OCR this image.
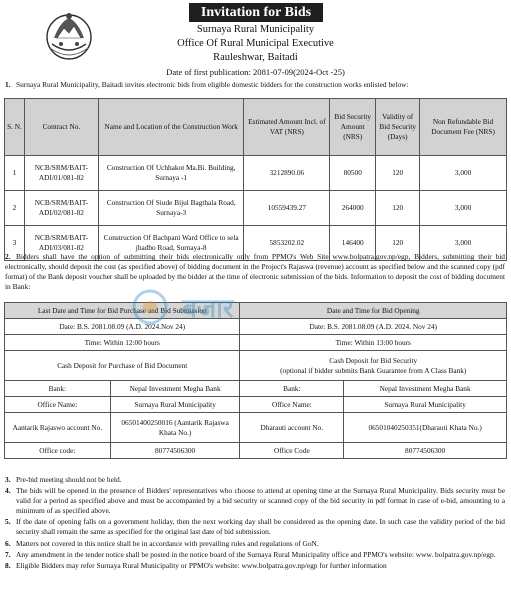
Invitation for Bids
Surnaya Rural Municipality
Office Of Rural Municipal Executive
Rauleshwar, Baitadi
Date of first publication: 2081-07-09(2024-Oct -25)
1. Surnaya Rural Municipality, Baitadi invites electronic bids from eligible domestic bidders for the construction works enlisted below:
S. N.	Contract No.	Name and Location of the Construction Work	Estimated Amount Incl. of VAT (NRS)	Bid Security Amount (NRS)	Validity of Bid Security (Days)	Non Refundable Bid Document Fee (NRS)
1	NCB/SRM/BAIT-ADI/01/081-82	Construction Of Uchhakot Ma.Bi. Building, Surnaya -1	3212890.06	80500	120	3,000
2	NCB/SRM/BAIT-ADI/02/081-82	Construction Of Siude Bijul Bagthala Road, Surnaya-3	10559439.27	264000	120	3,000
3	NCB/SRM/BAIT-ADI/03/081-82	Construction Of Bachpani Ward Office to sela jhadbo Road, Surnaya-8	5853202.02	146400	120	3,000
2. Bidders shall have the option of submitting their bids electronically only from PPMO's Web Site www.bolpatra.gov.np/egp, Bidders, submitting their bid electronically, should deposit the cost (as specified above) of bidding document in the Project's Rajaswa (revenue) account as specified below and the scanned copy (pdf format) of the Bank deposit voucher shall be uploaded by the bidder at the time of electronic submission of the bids. Information to deposit the cost of bidding document in Bank:
Last Date and Time for Bid Purchase and Bid Submission		Date and Time for Bid Opening	
Date: B.S. 2081.08.09 (A.D. 2024.Nov 24)		Date: B.S. 2081.08.09 (A.D. 2024. Nov 24)	
Time: Within 12:00 hours		Time: Within 13:00 hours	
Cash Deposit for Purchase of Bid Document		Cash Deposit for Bid Security
(optional if bidder submits Bank Guarantee from A Class Bank)	

Bank:	Nepal Investment Megha Bank	Bank:	Nepal Investment Megha Bank
Office Name:	Surnaya Rural Municipality	Office Name:	Surnaya Rural Municipality
Aantarik Rajaswo account No.	06501400250016 (Aantarik Rajaswa Khata No.)	Dharauti account No.	06501040250351(Dharauti Khata No.)
Office code:	80774506300	Office Code	80774506300
बजार
3. Pre-bid meeting should not be held.
4. The bids will be opened in the presence of Bidders' representatives who choose to attend at opening time at the Surnaya Rural Municipality. Bids security must be valid for a period as specified above and must be accompanied by a bid security or scanned copy of the bid security in pdf format in case of e-bid, amounting to a minimum of as specified above.
5. If the date of opening falls on a government holiday, then the next working day shall be considered as the opening date. In such case the validity period of the bid security shall remain the same as specified for the original last date of bid submission.
6. Matters not covered in this notice shall be in accordance with prevailing rules and regulations of GoN.
7. Any amendment in the tender notice shall be posted in the notice board of the Surnaya Rural Municipality office and PPMO's website: www. bolpatra.gov.np/egp.
8. Eligible Bidders may refer Surnaya Rural Municipality or PPMO's website: www.bolpatra.gov.np/egp for further information
